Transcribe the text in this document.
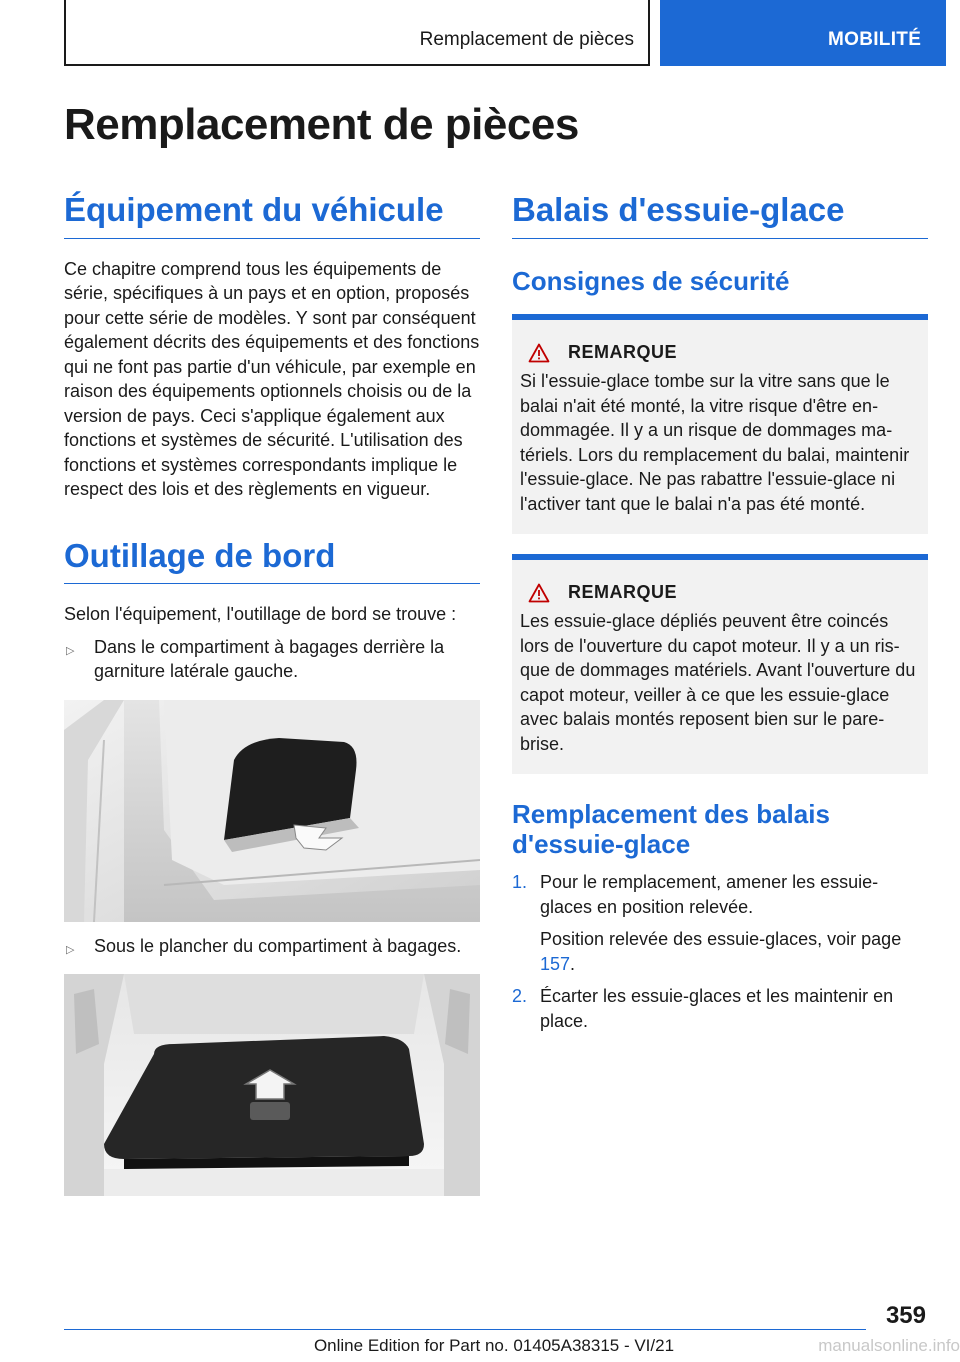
Remplacement de pièces	MOBILITÉ
Remplacement de pièces
Équipement du véhicule

Ce chapitre comprend tous les équipements de série, spécifiques à un pays et en option, proposés pour cette série de modèles. Y sont par conséquent également décrits des équipements et des fonctions qui ne font pas partie d'un véhicule, par exemple en raison des équipements optionnels choisis ou de la version de pays. Ceci s'applique également aux fonctions et systèmes de sécurité. L'utilisation des fonctions et systèmes correspondants implique le respect des lois et des règlements en vigueur.

Outillage de bord

Selon l'équipement, l'outillage de bord se trouve :

▷ Dans le compartiment à bagages derrière la garniture latérale gauche.
▷ Sous le plancher du compartiment à bagages.
Balais d'essuie-glace
Consignes de sécurité
REMARQUE

Si l'essuie-glace tombe sur la vitre sans que le balai n'ait été monté, la vitre risque d'être endommagée. Il y a un risque de dommages matériels. Lors du remplacement du balai, maintenir l'essuie-glace. Ne pas rabattre l'essuie-glace ni l'activer tant que le balai n'a pas été monté.

REMARQUE

Les essuie-glace dépliés peuvent être coincés lors de l'ouverture du capot moteur. Il y a un risque de dommages matériels. Avant l'ouverture du capot moteur, veiller à ce que les essuie-glace avec balais montés reposent bien sur le pare-brise.

Remplacement des balais d'essuie-glace
1. Pour le remplacement, amener les essuie-glaces en position relevée.
Position relevée des essuie-glaces, voir page 157.
2. Écarter les essuie-glaces et les maintenir en place.
359
Online Edition for Part no. 01405A38315 - VI/21	manualsonline.info
